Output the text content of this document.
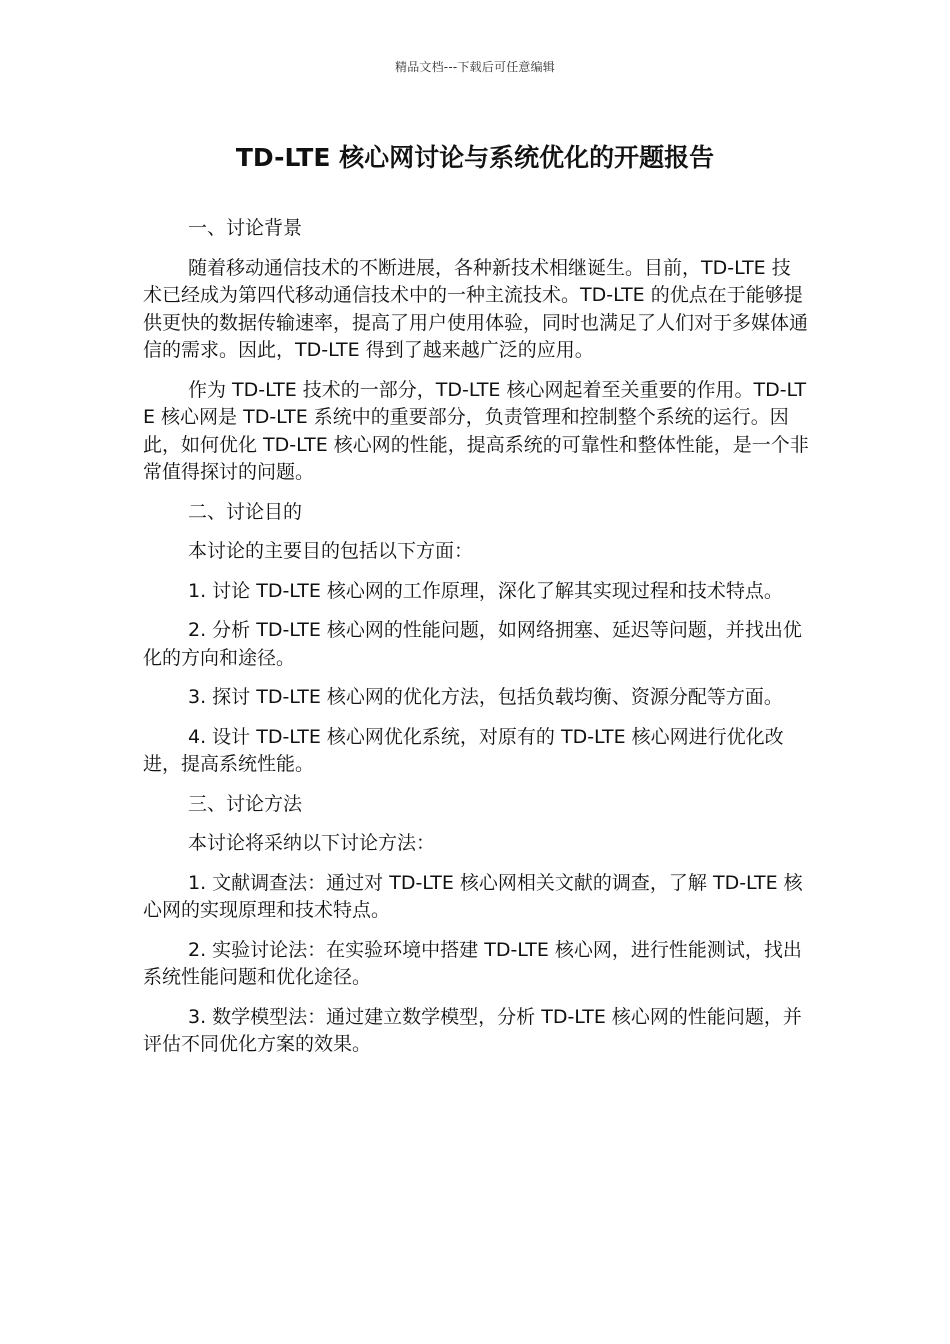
精品文档---下载后可任意编辑
TD-LTE 核心网讨论与系统优化的开题报告

一、讨论背景

随着移动通信技术的不断进展，各种新技术相继诞生。目前，TD-LTE 技术已经成为第四代移动通信技术中的一种主流技术。TD-LTE 的优点在于能够提供更快的数据传输速率，提高了用户使用体验，同时也满足了人们对于多媒体通信的需求。因此，TD-LTE 得到了越来越广泛的应用。

作为 TD-LTE 技术的一部分，TD-LTE 核心网起着至关重要的作用。TD-LTE 核心网是 TD-LTE 系统中的重要部分，负责管理和控制整个系统的运行。因此，如何优化 TD-LTE 核心网的性能，提高系统的可靠性和整体性能，是一个非常值得探讨的问题。

二、讨论目的

本讨论的主要目的包括以下方面：

1. 讨论 TD-LTE 核心网的工作原理，深化了解其实现过程和技术特点。

2. 分析 TD-LTE 核心网的性能问题，如网络拥塞、延迟等问题，并找出优化的方向和途径。

3. 探讨 TD-LTE 核心网的优化方法，包括负载均衡、资源分配等方面。

4. 设计 TD-LTE 核心网优化系统，对原有的 TD-LTE 核心网进行优化改进，提高系统性能。

三、讨论方法

本讨论将采纳以下讨论方法：

1. 文献调查法：通过对 TD-LTE 核心网相关文献的调查，了解 TD-LTE 核心网的实现原理和技术特点。

2. 实验讨论法：在实验环境中搭建 TD-LTE 核心网，进行性能测试，找出系统性能问题和优化途径。

3. 数学模型法：通过建立数学模型，分析 TD-LTE 核心网的性能问题，并评估不同优化方案的效果。
